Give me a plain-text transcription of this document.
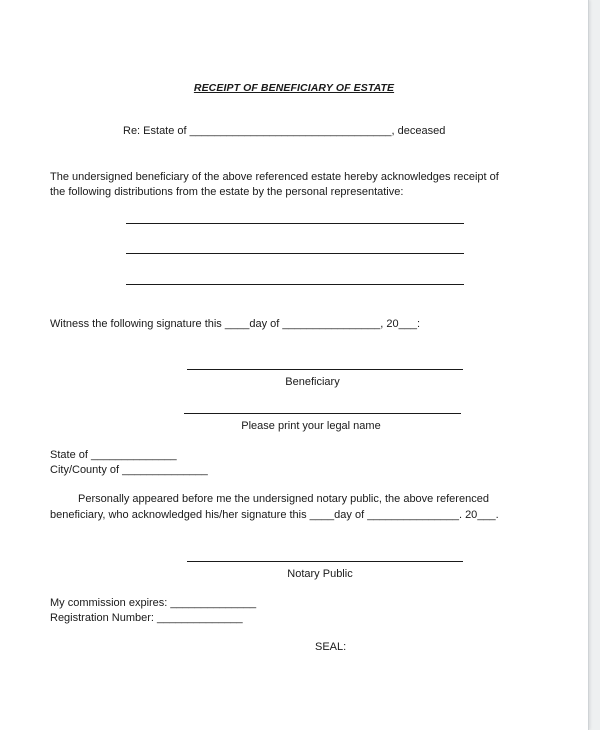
RECEIPT OF BENEFICIARY OF ESTATE
Re: Estate of _________________________________, deceased
The undersigned beneficiary of the above referenced estate hereby acknowledges receipt of
the following distributions from the estate by the personal representative:
Witness the following signature this ____day of ________________, 20___:
Beneficiary
Please print your legal name
State of ______________
City/County of ______________
Personally appeared before me the undersigned notary public, the above referenced
beneficiary, who acknowledged his/her signature this ____day of _______________. 20___.
Notary Public
My commission expires: ______________
Registration Number: ______________
SEAL:
